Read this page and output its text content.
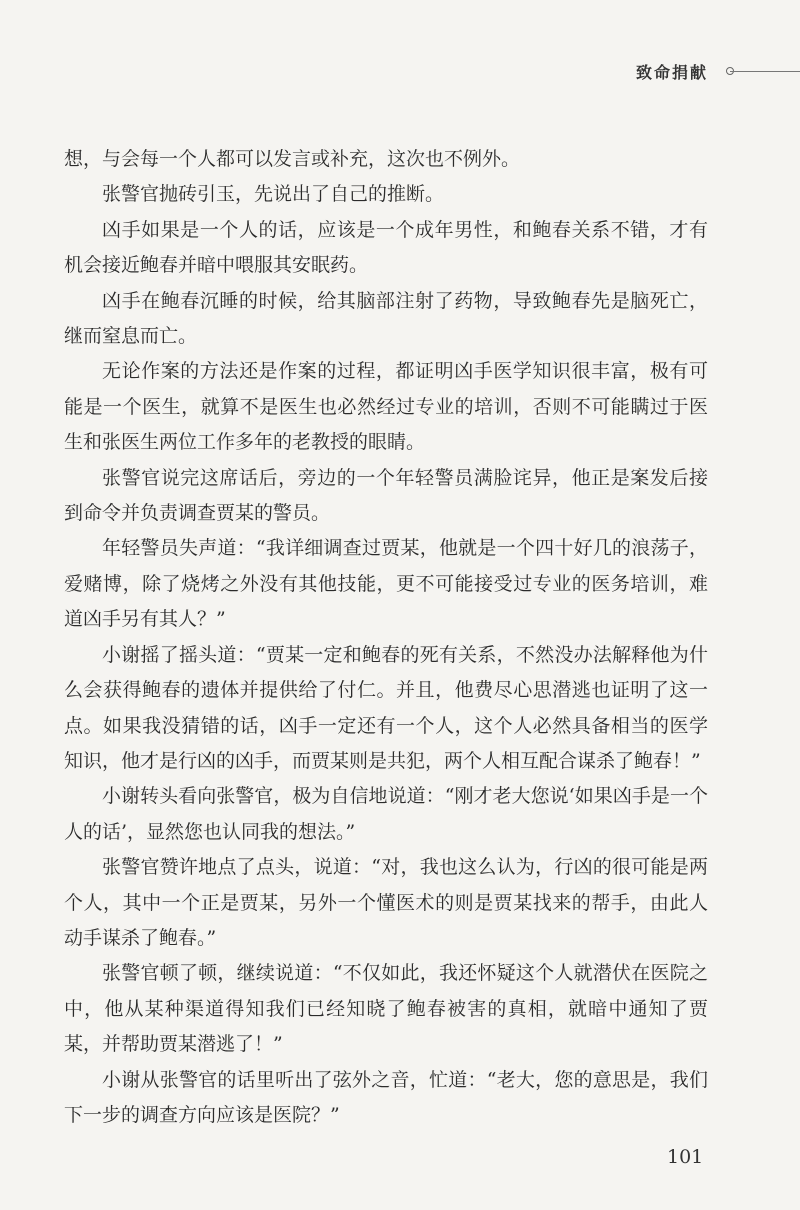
致命捐献

想，与会每一个人都可以发言或补充，这次也不例外。

张警官抛砖引玉，先说出了自己的推断。

凶手如果是一个人的话，应该是一个成年男性，和鲍春关系不错，才有机会接近鲍春并暗中喂服其安眠药。

凶手在鲍春沉睡的时候，给其脑部注射了药物，导致鲍春先是脑死亡，继而窒息而亡。

无论作案的方法还是作案的过程，都证明凶手医学知识很丰富，极有可能是一个医生，就算不是医生也必然经过专业的培训，否则不可能瞒过于医生和张医生两位工作多年的老教授的眼睛。

张警官说完这席话后，旁边的一个年轻警员满脸诧异，他正是案发后接到命令并负责调查贾某的警员。

年轻警员失声道：“我详细调查过贾某，他就是一个四十好几的浪荡子，爱赌博，除了烧烤之外没有其他技能，更不可能接受过专业的医务培训，难道凶手另有其人？”

小谢摇了摇头道：“贾某一定和鲍春的死有关系，不然没办法解释他为什么会获得鲍春的遗体并提供给了付仁。并且，他费尽心思潜逃也证明了这一点。如果我没猜错的话，凶手一定还有一个人，这个人必然具备相当的医学知识，他才是行凶的凶手，而贾某则是共犯，两个人相互配合谋杀了鲍春！”

小谢转头看向张警官，极为自信地说道：“刚才老大您说‘如果凶手是一个人的话’，显然您也认同我的想法。”

张警官赞许地点了点头，说道：“对，我也这么认为，行凶的很可能是两个人，其中一个正是贾某，另外一个懂医术的则是贾某找来的帮手，由此人动手谋杀了鲍春。”

张警官顿了顿，继续说道：“不仅如此，我还怀疑这个人就潜伏在医院之中，他从某种渠道得知我们已经知晓了鲍春被害的真相，就暗中通知了贾某，并帮助贾某潜逃了！”

小谢从张警官的话里听出了弦外之音，忙道：“老大，您的意思是，我们下一步的调查方向应该是医院？”

101
